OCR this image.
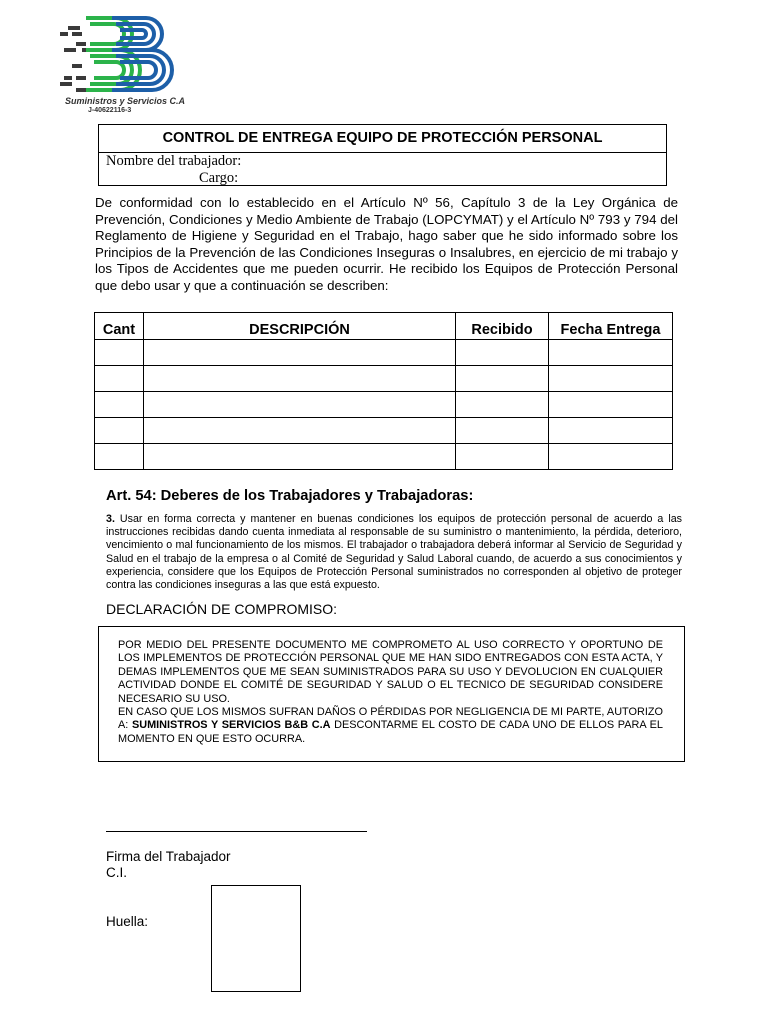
Suministros y Servicios C.A
J-40622116-3
CONTROL DE ENTREGA EQUIPO DE PROTECCIÓN PERSONAL
Nombre del trabajador:
Cargo:
De conformidad con lo establecido en el Artículo Nº 56, Capítulo 3 de la Ley Orgánica de Prevención, Condiciones y Medio Ambiente de Trabajo (LOPCYMAT) y el Artículo Nº 793 y 794 del Reglamento de Higiene y Seguridad en el Trabajo, hago saber que he sido informado sobre los Principios de la Prevención de las Condiciones Inseguras o Insalubres, en ejercicio de mi trabajo y los Tipos de Accidentes que me pueden ocurrir. He recibido los Equipos de Protección Personal que debo usar y que a continuación se describen:
Cant	DESCRIPCIÓN	Recibido	Fecha Entrega

Art. 54: Deberes de los Trabajadores y Trabajadoras:
3. Usar en forma correcta y mantener en buenas condiciones los equipos de protección personal de acuerdo a las instrucciones recibidas dando cuenta inmediata al responsable de su suministro o mantenimiento, la pérdida, deterioro, vencimiento o mal funcionamiento de los mismos. El trabajador o trabajadora deberá informar al Servicio de Seguridad y Salud en el trabajo de la empresa o al Comité de Seguridad y Salud Laboral cuando, de acuerdo a sus conocimientos y experiencia, considere que los Equipos de Protección Personal suministrados no corresponden al objetivo de proteger contra las condiciones inseguras a las que está expuesto.
DECLARACIÓN DE COMPROMISO:
POR MEDIO DEL PRESENTE DOCUMENTO ME COMPROMETO AL USO CORRECTO Y OPORTUNO DE LOS IMPLEMENTOS DE PROTECCIÓN PERSONAL QUE ME HAN SIDO ENTREGADOS CON ESTA ACTA, Y DEMAS IMPLEMENTOS QUE ME SEAN SUMINISTRADOS PARA SU USO Y DEVOLUCION EN CUALQUIER ACTIVIDAD DONDE EL COMITÉ DE SEGURIDAD Y SALUD O EL TECNICO DE SEGURIDAD CONSIDERE NECESARIO SU USO.
EN CASO QUE LOS MISMOS SUFRAN DAÑOS O PÉRDIDAS POR NEGLIGENCIA DE MI PARTE, AUTORIZO A: SUMINISTROS Y SERVICIOS B&B C.A DESCONTARME EL COSTO DE CADA UNO DE ELLOS PARA EL MOMENTO EN QUE ESTO OCURRA.
Firma del Trabajador
C.I.
Huella:
